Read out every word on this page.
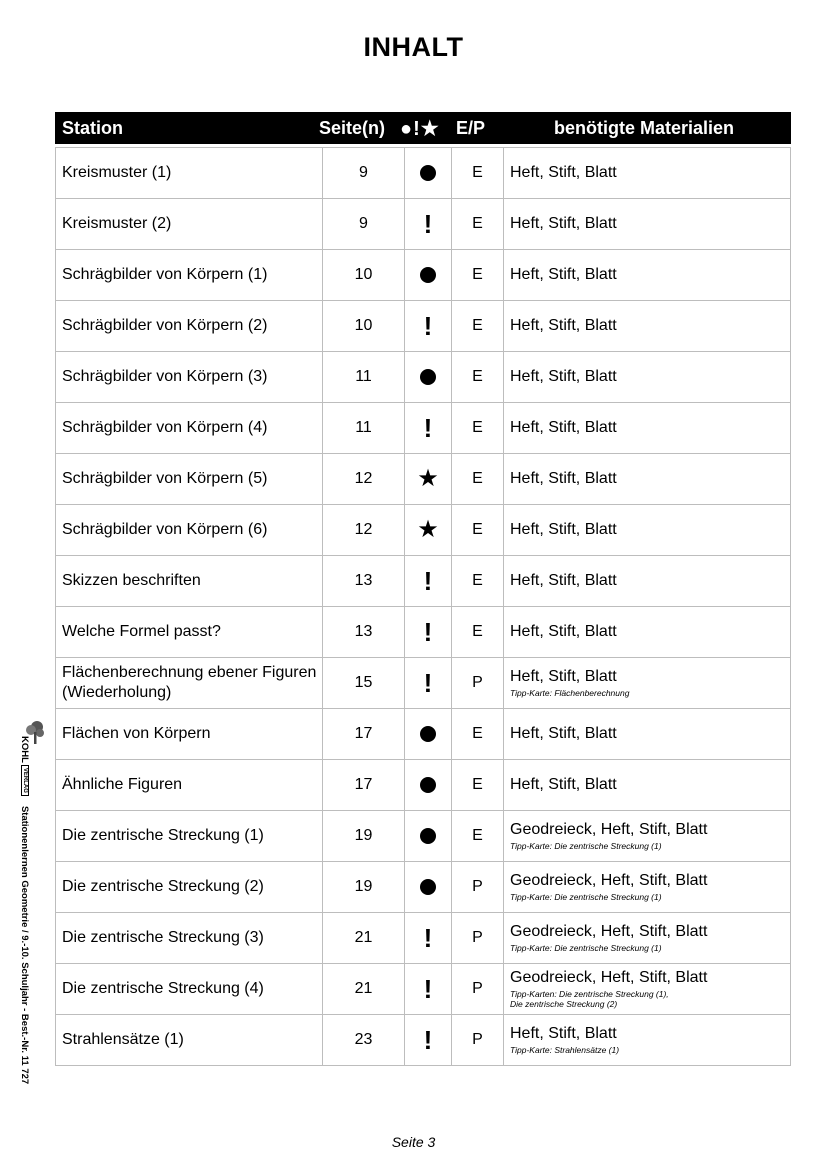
INHALT
Station	Seite(n) ●!★ E/P	benötigte Materialien
Kreismuster (1)	9		E	Heft, Stift, Blatt
Kreismuster (2)	9	!	E	Heft, Stift, Blatt
Schrägbilder von Körpern (1)	10		E	Heft, Stift, Blatt
Schrägbilder von Körpern (2)	10	!	E	Heft, Stift, Blatt
Schrägbilder von Körpern (3)	11		E	Heft, Stift, Blatt
Schrägbilder von Körpern (4)	11	!	E	Heft, Stift, Blatt
Schrägbilder von Körpern (5)	12	★	E	Heft, Stift, Blatt
Schrägbilder von Körpern (6)	12	★	E	Heft, Stift, Blatt
Skizzen beschriften	13	!	E	Heft, Stift, Blatt
Welche Formel passt?	13	!	E	Heft, Stift, Blatt
Flächenberechnung ebener Figuren (Wiederholung)	15	!	P	Heft, Stift, Blatt
Tipp-Karte: Flächenberechnung

Flächen von Körpern	17		E	Heft, Stift, Blatt
Ähnliche Figuren	17		E	Heft, Stift, Blatt
Die zentrische Streckung (1)	19		E	Geodreieck, Heft, Stift, Blatt
Tipp-Karte: Die zentrische Streckung (1)

Die zentrische Streckung (2)	19		P	Geodreieck, Heft, Stift, Blatt
Tipp-Karte: Die zentrische Streckung (1)

Die zentrische Streckung (3)	21	!	P	Geodreieck, Heft, Stift, Blatt
Tipp-Karte: Die zentrische Streckung (1)

Die zentrische Streckung (4)	21	!	P	Geodreieck, Heft, Stift, Blatt
Tipp-Karten: Die zentrische Streckung (1),
Die zentrische Streckung (2)

Strahlensätze (1)	23	!	P	Heft, Stift, Blatt
Tipp-Karte: Strahlensätze (1)
KOHLVERLAGStationenlernen Geometrie / 9.-10. Schuljahr - Best.-Nr. 11 727
Seite 3
